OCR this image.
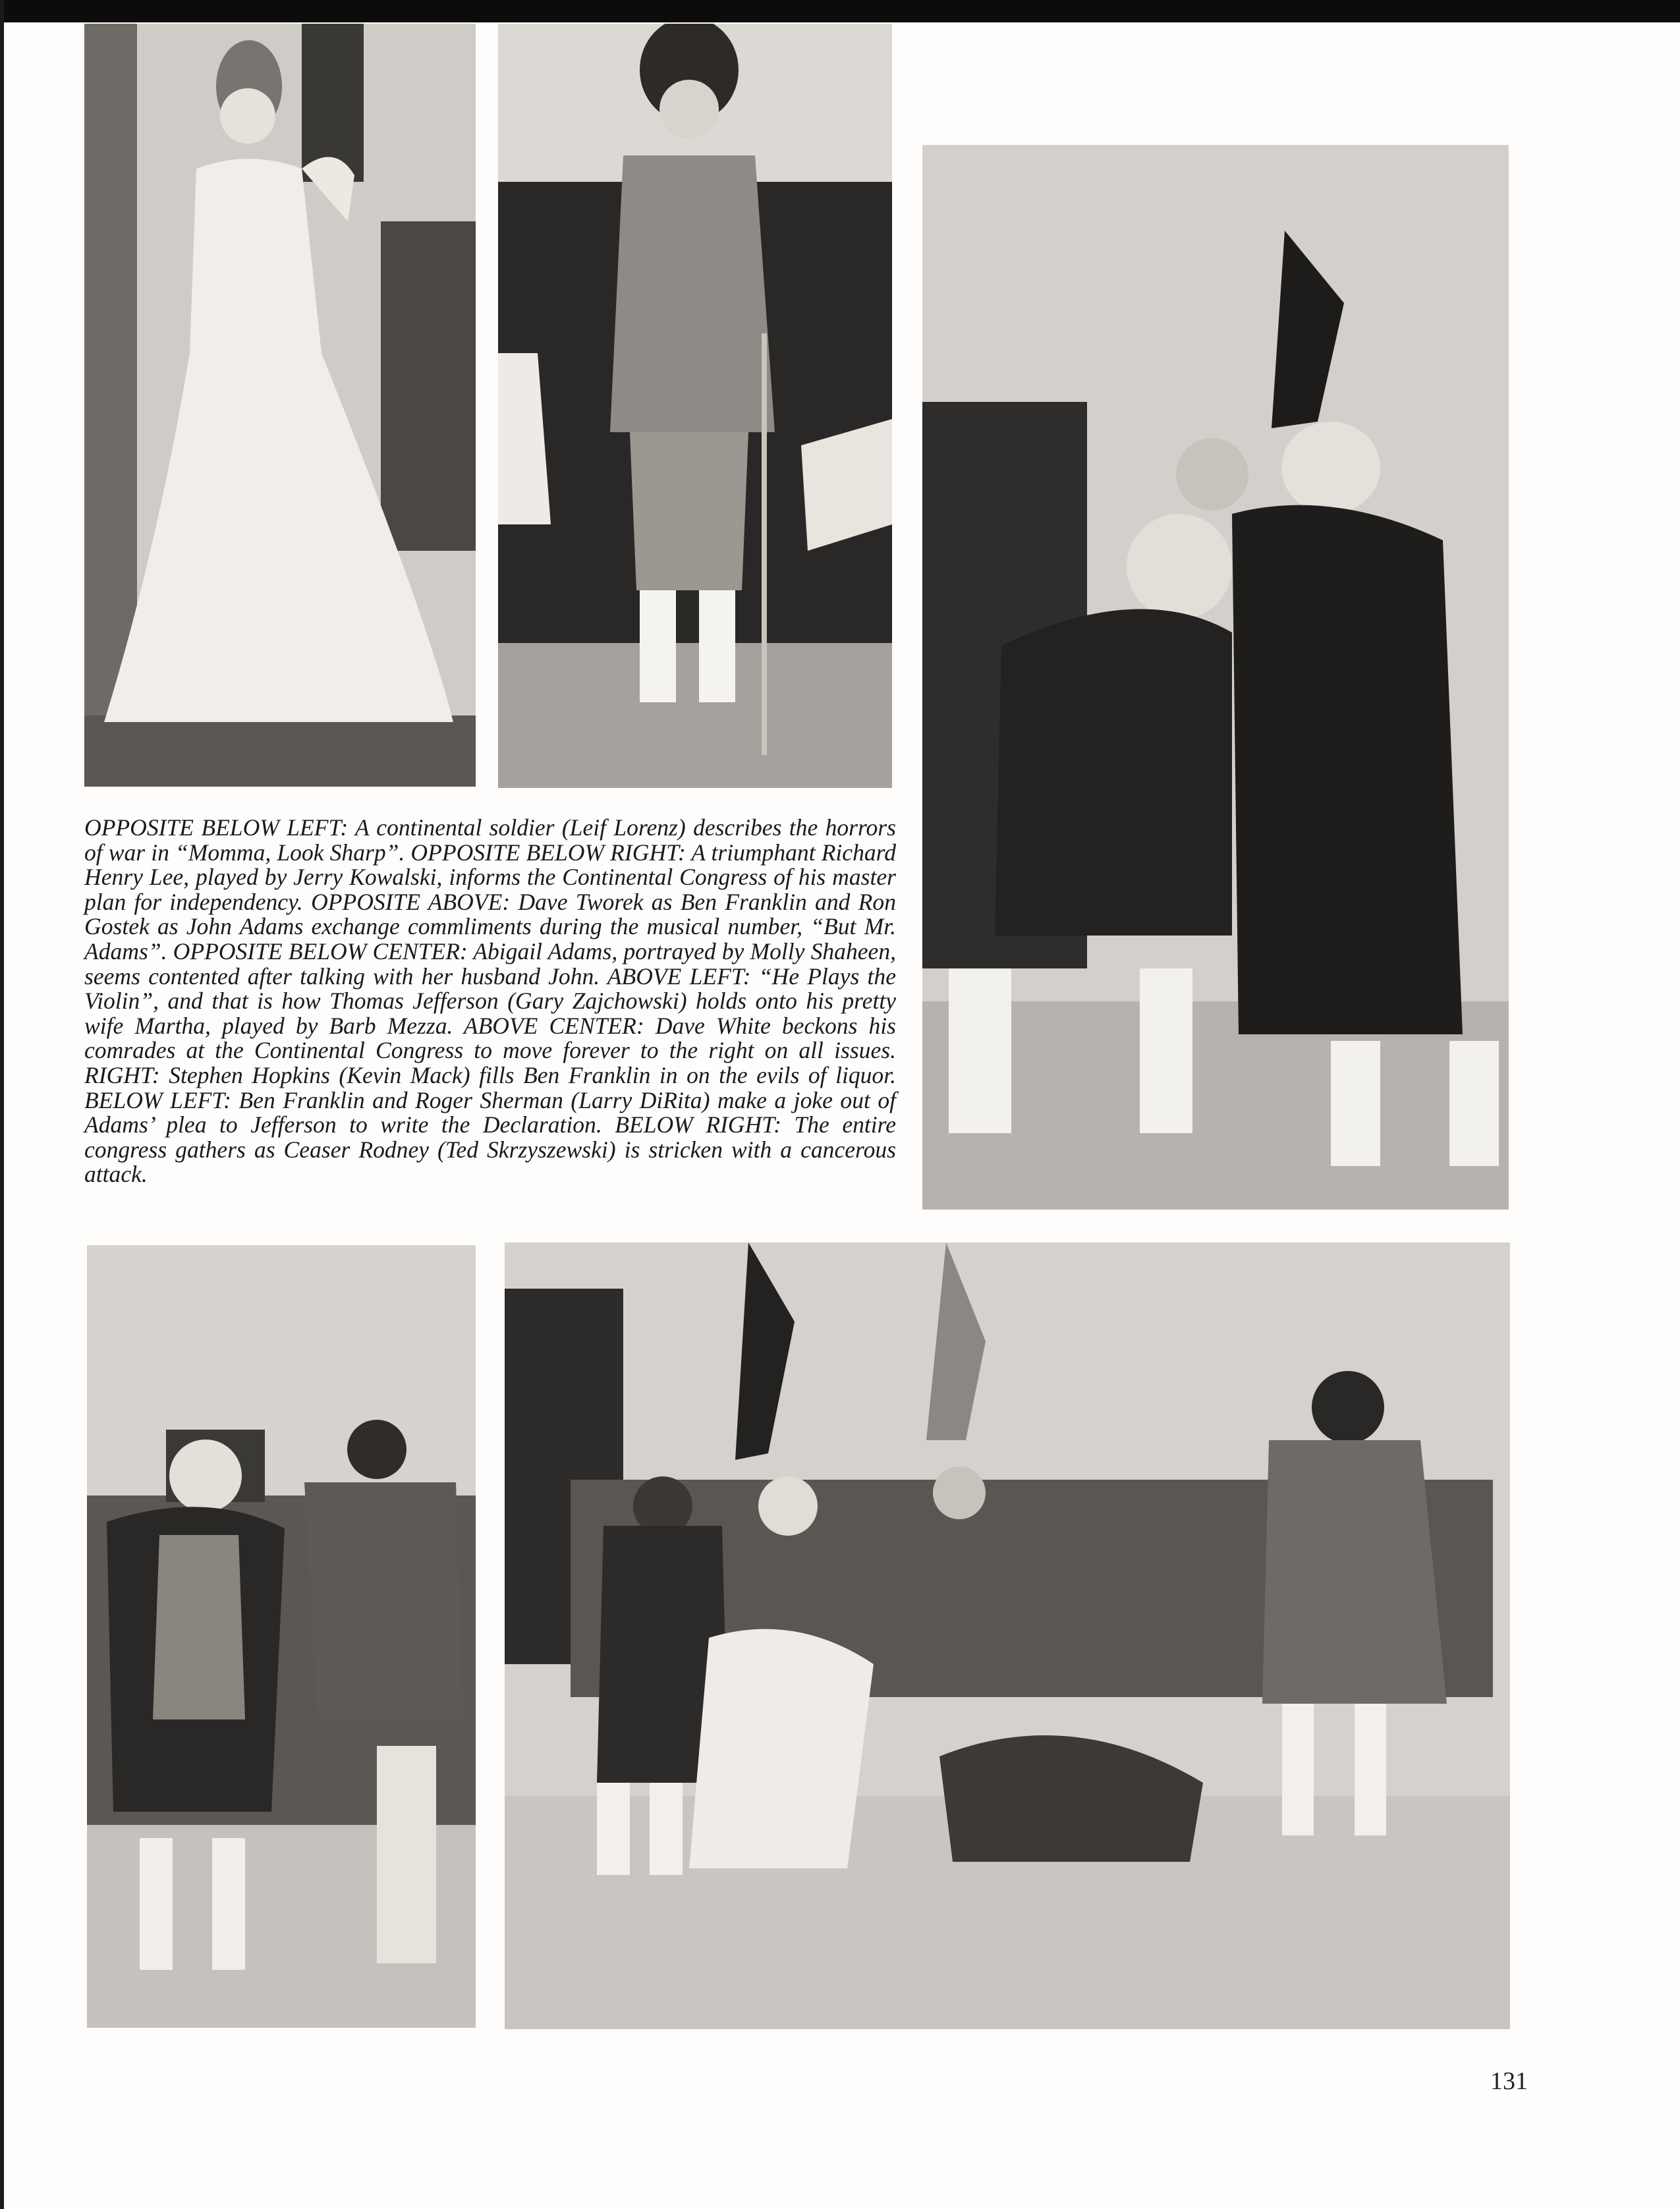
OPPOSITE BELOW LEFT: A continental soldier (Leif Lorenz) describes the horrors of war in “Momma, Look Sharp”. OPPOSITE BELOW RIGHT: A triumphant Richard Henry Lee, played by Jerry Kowalski, informs the Continental Congress of his master plan for independency. OPPOSITE ABOVE: Dave Tworek as Ben Franklin and Ron Gostek as John Adams exchange commliments during the musical number, “But Mr. Adams”. OPPOSITE BELOW CENTER: Abigail Adams, portrayed by Molly Shaheen, seems contented after talking with her husband John. ABOVE LEFT: “He Plays the Violin”, and that is how Thomas Jefferson (Gary Zajchowski) holds onto his pretty wife Martha, played by Barb Mezza. ABOVE CENTER: Dave White beckons his comrades at the Continental Congress to move forever to the right on all issues. RIGHT: Stephen Hopkins (Kevin Mack) fills Ben Franklin in on the evils of liquor. BELOW LEFT: Ben Franklin and Roger Sherman (Larry DiRita) make a joke out of Adams’ plea to Jefferson to write the Declaration. BELOW RIGHT: The entire congress gathers as Ceaser Rodney (Ted Skrzyszewski) is stricken with a cancerous attack.

131
